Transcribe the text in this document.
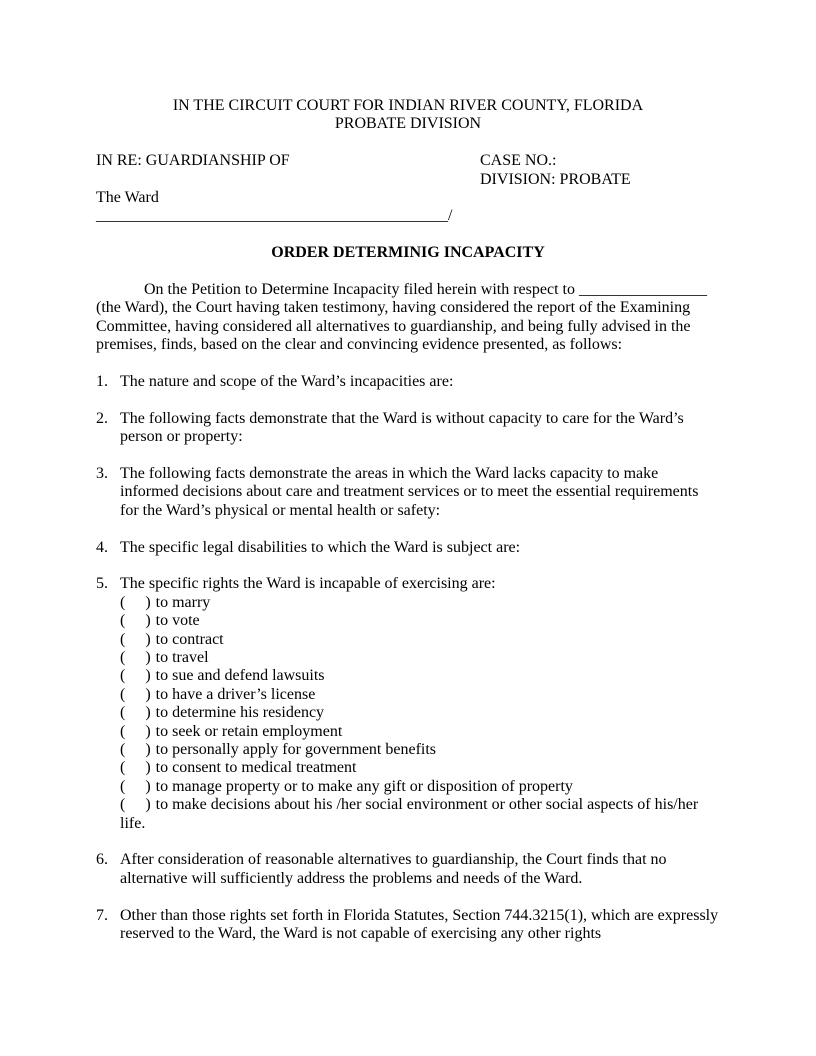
IN THE CIRCUIT COURT FOR INDIAN RIVER COUNTY, FLORIDA
PROBATE DIVISION
IN RE: GUARDIANSHIP OF	CASE NO.:
DIVISION: PROBATE
The Ward
____________________________________________/
ORDER DETERMINIG INCAPACITY

On the Petition to Determine Incapacity filed herein with respect to ________________ (the Ward), the Court having taken testimony, having considered the report of the Examining Committee, having considered all alternatives to guardianship, and being fully advised in the premises, finds, based on the clear and convincing evidence presented, as follows:

1. The nature and scope of the Ward’s incapacities are:
2. The following facts demonstrate that the Ward is without capacity to care for the Ward’s person or property:
3. The following facts demonstrate the areas in which the Ward lacks capacity to make informed decisions about care and treatment services or to meet the essential requirements for the Ward’s physical or mental health or safety:
4. The specific legal disabilities to which the Ward is subject are:
5. The specific rights the Ward is incapable of exercising are:
(     ) to marry
(     ) to vote
(     ) to contract
(     ) to travel
(     ) to sue and defend lawsuits
(     ) to have a driver’s license
(     ) to determine his residency
(     ) to seek or retain employment
(     ) to personally apply for government benefits
(     ) to consent to medical treatment
(     ) to manage property or to make any gift or disposition of property
(     ) to make decisions about his /her social environment or other social aspects of his/her life.
6. After consideration of reasonable alternatives to guardianship, the Court finds that no alternative will sufficiently address the problems and needs of the Ward.
7. Other than those rights set forth in Florida Statutes, Section 744.3215(1), which are expressly reserved to the Ward, the Ward is not capable of exercising any other rights
